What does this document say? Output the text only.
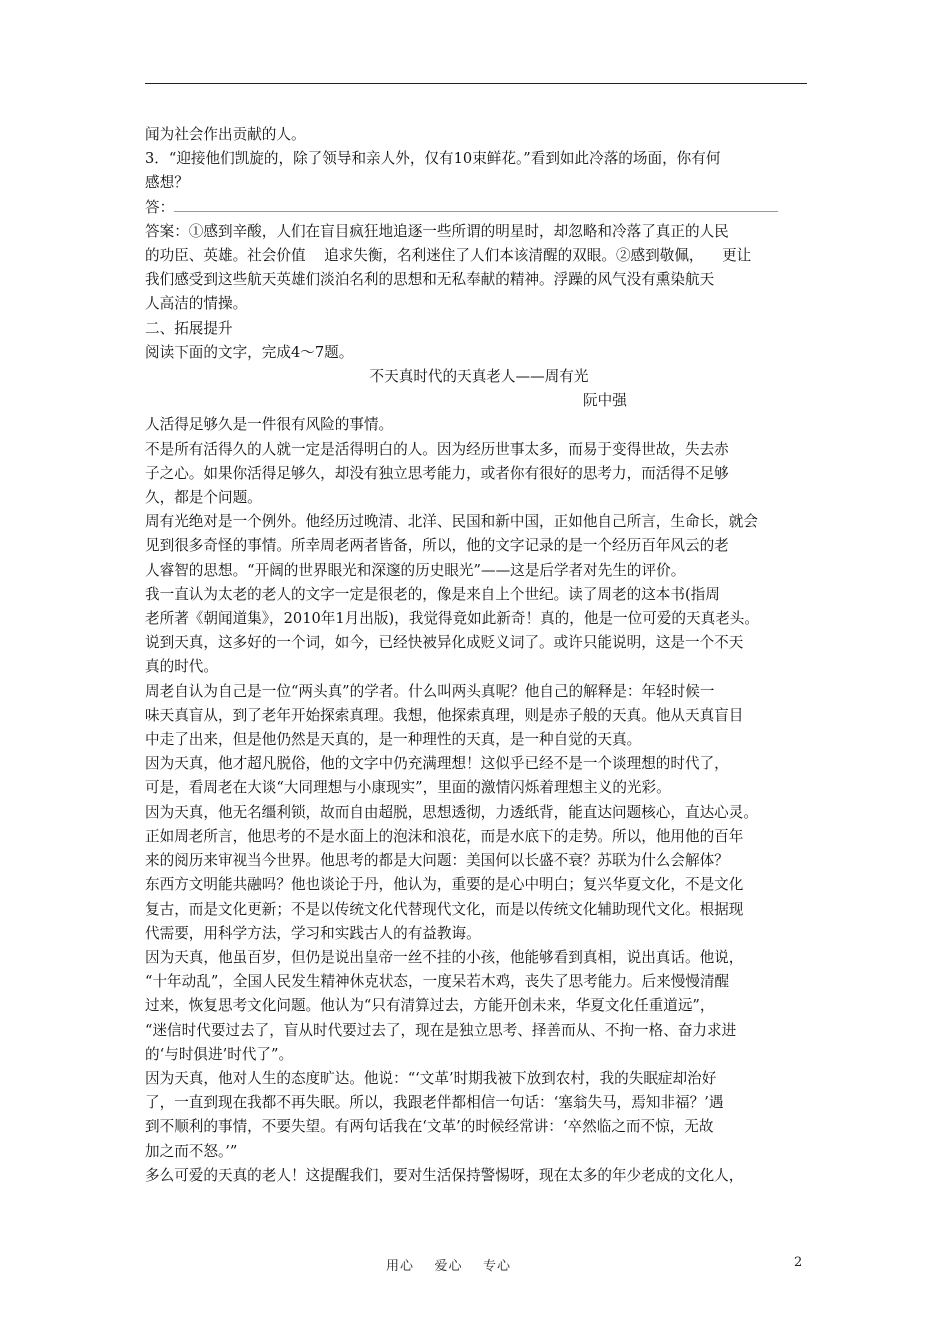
闻为社会作出贡献的人。

3．“迎接他们凯旋的，除了领导和亲人外，仅有10束鲜花。”看到如此冷落的场面，你有何

感想？

答：

答案：①感到辛酸，人们在盲目疯狂地追逐一些所谓的明星时，却忽略和冷落了真正的人民

的功臣、英雄。社会价值    追求失衡，名利迷住了人们本该清醒的双眼。②感到敬佩，    更让

我们感受到这些航天英雄们淡泊名利的思想和无私奉献的精神。浮躁的风气没有熏染航天

人高洁的情操。

二、拓展提升

阅读下面的文字，完成4～7题。

不天真时代的天真老人——周有光

阮中强

人活得足够久是一件很有风险的事情。

不是所有活得久的人就一定是活得明白的人。因为经历世事太多，而易于变得世故，失去赤

子之心。如果你活得足够久，却没有独立思考能力，或者你有很好的思考力，而活得不足够

久，都是个问题。

周有光绝对是一个例外。他经历过晚清、北洋、民国和新中国，正如他自己所言，生命长，就会

见到很多奇怪的事情。所幸周老两者皆备，所以，他的文字记录的是一个经历百年风云的老

人睿智的思想。“开阔的世界眼光和深邃的历史眼光”——这是后学者对先生的评价。

我一直认为太老的老人的文字一定是很老的，像是来自上个世纪。读了周老的这本书(指周

老所著《朝闻道集》，2010年1月出版)，我觉得竟如此新奇！真的，他是一位可爱的天真老头。

说到天真，这多好的一个词，如今，已经快被异化成贬义词了。或许只能说明，这是一个不天

真的时代。

周老自认为自己是一位“两头真”的学者。什么叫两头真呢？他自己的解释是：年轻时候一

味天真盲从，到了老年开始探索真理。我想，他探索真理，则是赤子般的天真。他从天真盲目

中走了出来，但是他仍然是天真的，是一种理性的天真，是一种自觉的天真。

因为天真，他才超凡脱俗，他的文字中仍充满理想！这似乎已经不是一个谈理想的时代了，

可是，看周老在大谈“大同理想与小康现实”，里面的激情闪烁着理想主义的光彩。

因为天真，他无名缰利锁，故而自由超脱，思想透彻，力透纸背，能直达问题核心，直达心灵。

正如周老所言，他思考的不是水面上的泡沫和浪花，而是水底下的走势。所以，他用他的百年

来的阅历来审视当今世界。他思考的都是大问题：美国何以长盛不衰？苏联为什么会解体？

东西方文明能共融吗？他也谈论于丹，他认为，重要的是心中明白；复兴华夏文化，不是文化

复古，而是文化更新；不是以传统文化代替现代文化，而是以传统文化辅助现代文化。根据现

代需要，用科学方法，学习和实践古人的有益教诲。

因为天真，他虽百岁，但仍是说出皇帝一丝不挂的小孩，他能够看到真相，说出真话。他说，

“十年动乱”，全国人民发生精神休克状态，一度呆若木鸡，丧失了思考能力。后来慢慢清醒

过来，恢复思考文化问题。他认为“只有清算过去，方能开创未来，华夏文化任重道远”，

“迷信时代要过去了，盲从时代要过去了，现在是独立思考、择善而从、不拘一格、奋力求进

的‘与时俱进’时代了”。

因为天真，他对人生的态度旷达。他说：“‘文革’时期我被下放到农村，我的失眠症却治好

了，一直到现在我都不再失眠。所以，我跟老伴都相信一句话：‘塞翁失马，焉知非福？’遇

到不顺利的事情，不要失望。有两句话我在‘文革’的时候经常讲：‘卒然临之而不惊，无故

加之而不怒。’”

多么可爱的天真的老人！这提醒我们，要对生活保持警惕呀，现在太多的年少老成的文化人，

用心    爱心    专心	2
